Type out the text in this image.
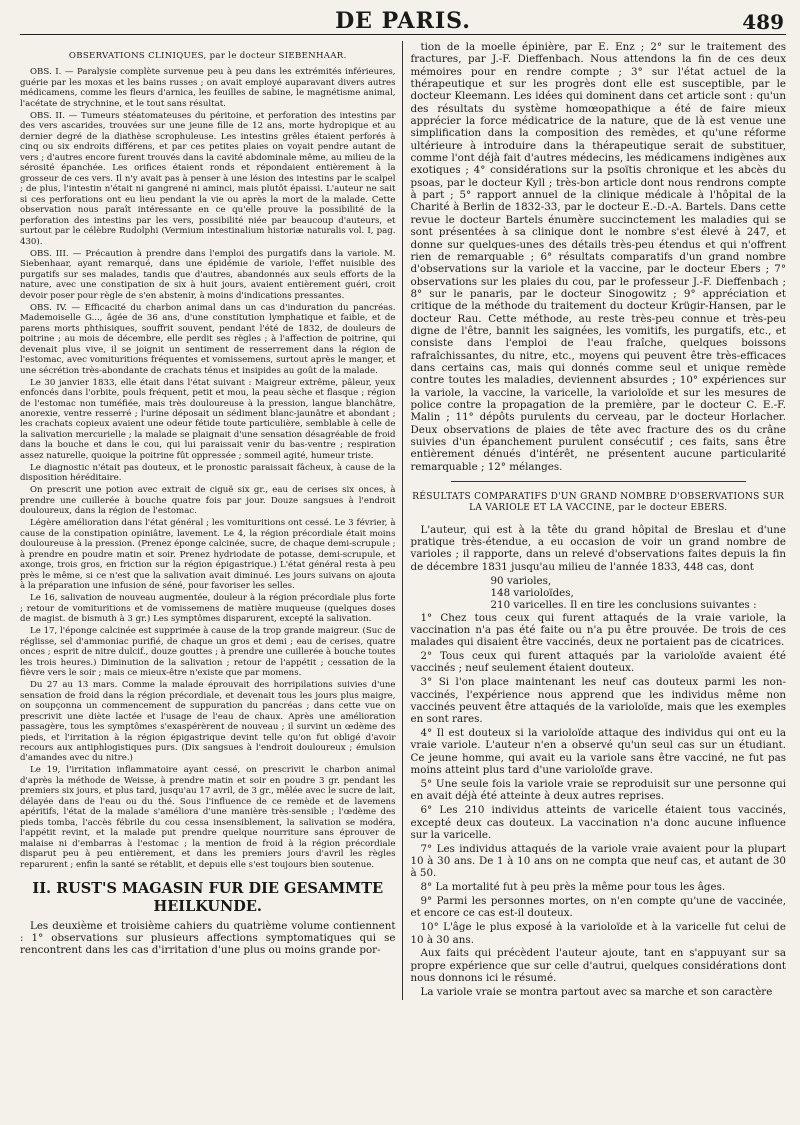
DE PARIS.	489
OBSERVATIONS CLINIQUES, par le docteur SIEBENHAAR.

OBS. I. — Paralysie complète survenue peu à peu dans les extrémités inférieures, guérie par les moxas et les bains russes ; on avait employé auparavant divers autres médicamens, comme les fleurs d'arnica, les feuilles de sabine, le magnétisme animal, l'acétate de strychnine, et le tout sans résultat.

OBS. II. — Tumeurs stéatomateuses du péritoine, et perforation des intestins par des vers ascarides, trouvées sur une jeune fille de 12 ans, morte hydropique et au dernier degré de la diathèse scrophuleuse. Les intestins grêles étaient perforés à cinq ou six endroits différens, et par ces petites plaies on voyait pendre autant de vers ; d'autres encore furent trouvés dans la cavité abdominale même, au milieu de la sérosité épanchée. Les orifices étaient ronds et répondaient entièrement à la grosseur de ces vers. Il n'y avait pas à penser à une lésion des intestins par le scalpel ; de plus, l'intestin n'était ni gangrené ni aminci, mais plutôt épaissi. L'auteur ne sait si ces perforations ont eu lieu pendant la vie ou après la mort de la malade. Cette observation nous paraît intéressante en ce qu'elle prouve la possibilité de la perforation des intestins par les vers, possibilité niée par beaucoup d'auteurs, et surtout par le célèbre Rudolphi (Vermium intestinalium historiæ naturalis vol. I, pag. 430).

OBS. III. — Précaution à prendre dans l'emploi des purgatifs dans la variole. M. Siebenhaar, ayant remarqué, dans une épidémie de variole, l'effet nuisible des purgatifs sur ses malades, tandis que d'autres, abandonnés aux seuls efforts de la nature, avec une constipation de six à huit jours, avaient entièrement guéri, croit devoir poser pour règle de s'en abstenir, à moins d'indications pressantes.

OBS. IV. — Efficacité du charbon animal dans un cas d'induration du pancréas. Mademoiselle G..., âgée de 36 ans, d'une constitution lymphatique et faible, et de parens morts phthisiques, souffrit souvent, pendant l'été de 1832, de douleurs de poitrine ; au mois de décembre, elle perdit ses règles ; à l'affection de poitrine, qui devenait plus vive, il se joignit un sentiment de resserrement dans la région de l'estomac, avec vomituritions fréquentes et vomissemens, surtout après le manger, et une sécrétion très-abondante de crachats ténus et insipides au goût de la malade.

Le 30 janvier 1833, elle était dans l'état suivant : Maigreur extrême, pâleur, yeux enfoncés dans l'orbite, pouls fréquent, petit et mou, la peau sèche et flasque ; région de l'estomac non tuméfiée, mais très douloureuse à la pression, langue blanchâtre, anorexie, ventre resserré ; l'urine déposait un sédiment blanc-jaunâtre et abondant ; les crachats copieux avaient une odeur fétide toute particulière, semblable à celle de la salivation mercurielle ; la malade se plaignait d'une sensation désagréable de froid dans la bouche et dans le cou, qui lui paraissait venir du bas-ventre ; respiration assez naturelle, quoique la poitrine fût oppressée ; sommeil agité, humeur triste.

Le diagnostic n'était pas douteux, et le pronostic paraissait fâcheux, à cause de la disposition héréditaire.

On prescrit une potion avec extrait de ciguë six gr., eau de cerises six onces, à prendre une cuillerée à bouche quatre fois par jour. Douze sangsues à l'endroit douloureux, dans la région de l'estomac.

Légère amélioration dans l'état général ; les vomituritions ont cessé. Le 3 février, à cause de la constipation opiniâtre, lavement. Le 4, la région précordiale était moins douloureuse à la pression. (Prenez éponge calcinée, sucre, de chaque demi-scrupule ; à prendre en poudre matin et soir. Prenez hydriodate de potasse, demi-scrupule, et axonge, trois gros, en friction sur la région épigastrique.) L'état général resta à peu près le même, si ce n'est que la salivation avait diminué. Les jours suivans on ajouta à la préparation une infusion de séné, pour favoriser les selles.

Le 16, salivation de nouveau augmentée, douleur à la région précordiale plus forte ; retour de vomituritions et de vomissemens de matière muqueuse (quelques doses de magist. de bismuth à 3 gr.) Les symptômes disparurent, excepté la salivation.

Le 17, l'éponge calcinée est supprimée à cause de la trop grande maigreur. (Suc de réglisse, sel d'ammoniac purifié, de chaque un gros et demi ; eau de cerises, quatre onces ; esprit de nitre dulcif., douze gouttes ; à prendre une cuillerée à bouche toutes les trois heures.) Diminution de la salivation ; retour de l'appétit ; cessation de la fièvre vers le soir ; mais ce mieux-être n'existe que par momens.

Du 27 au 13 mars. Comme la malade éprouvait des horripilations suivies d'une sensation de froid dans la région précordiale, et devenait tous les jours plus maigre, on soupçonna un commencement de suppuration du pancréas ; dans cette vue on prescrivit une diète lactée et l'usage de l'eau de chaux. Après une amélioration passagère, tous les symptômes s'exaspérèrent de nouveau ; il survint un œdème des pieds, et l'irritation à la région épigastrique devint telle qu'on fut obligé d'avoir recours aux antiphlogistiques purs. (Dix sangsues à l'endroit douloureux ; émulsion d'amandes avec du nitre.)

Le 19, l'irritation inflammatoire ayant cessé, on prescrivit le charbon animal d'après la méthode de Weisse, à prendre matin et soir en poudre 3 gr. pendant les premiers six jours, et plus tard, jusqu'au 17 avril, de 3 gr., mêlée avec le sucre de lait, délayée dans de l'eau ou du thé. Sous l'influence de ce remède et de lavemens apéritifs, l'état de la malade s'améliora d'une manière très-sensible ; l'œdème des pieds tomba, l'accès fébrile du cou cessa insensiblement, la salivation se modéra, l'appétit revint, et la malade put prendre quelque nourriture sans éprouver de malaise ni d'embarras à l'estomac ; la mention de froid à la région précordiale disparut peu à peu entièrement, et dans les premiers jours d'avril les règles reparurent ; enfin la santé se rétablit, et depuis elle s'est toujours bien soutenue.

II. RUST'S MAGASIN FUR DIE GESAMMTE HEILKUNDE.

Les deuxième et troisième cahiers du quatrième volume contiennent : 1° observations sur plusieurs affections symptomatiques qui se rencontrent dans les cas d'irritation d'une plus ou moins grande por-

tion de la moelle épinière, par E. Enz ; 2° sur le traitement des fractures, par J.-F. Dieffenbach. Nous attendons la fin de ces deux mémoires pour en rendre compte ; 3° sur l'état actuel de la thérapeutique et sur les progrès dont elle est susceptible, par le docteur Kleemann. Les idées qui dominent dans cet article sont : qu'un des résultats du système homœopathique a été de faire mieux apprécier la force médicatrice de la nature, que de là est venue une simplification dans la composition des remèdes, et qu'une réforme ultérieure à introduire dans la thérapeutique serait de substituer, comme l'ont déjà fait d'autres médecins, les médicamens indigènes aux exotiques ; 4° considérations sur la psoïtis chronique et les abcès du psoas, par le docteur Kyll ; très-bon article dont nous rendrons compte à part ; 5° rapport annuel de la clinique médicale à l'hôpital de la Charité à Berlin de 1832-33, par le docteur E.-D.-A. Bartels. Dans cette revue le docteur Bartels énumère succinctement les maladies qui se sont présentées à sa clinique dont le nombre s'est élevé à 247, et donne sur quelques-unes des détails très-peu étendus et qui n'offrent rien de remarquable ; 6° résultats comparatifs d'un grand nombre d'observations sur la variole et la vaccine, par le docteur Ebers ; 7° observations sur les plaies du cou, par le professeur J.-F. Dieffenbach ; 8° sur le panaris, par le docteur Sinogowitz ; 9° appréciation et critique de la méthode du traitement du docteur Krügir-Hansen, par le docteur Rau. Cette méthode, au reste très-peu connue et très-peu digne de l'être, bannit les saignées, les vomitifs, les purgatifs, etc., et consiste dans l'emploi de l'eau fraîche, quelques boissons rafraîchissantes, du nitre, etc., moyens qui peuvent être très-efficaces dans certains cas, mais qui donnés comme seul et unique remède contre toutes les maladies, deviennent absurdes ; 10° expériences sur la variole, la vaccine, la varicelle, la varioloïde et sur les mesures de police contre la propagation de la première, par le docteur C. E.-F. Malin ; 11° dépôts purulents du cerveau, par le docteur Horlacher. Deux observations de plaies de tête avec fracture des os du crâne suivies d'un épanchement purulent consécutif ; ces faits, sans être entièrement dénués d'intérêt, ne présentent aucune particularité remarquable ; 12° mélanges.

RÉSULTATS COMPARATIFS D'UN GRAND NOMBRE D'OBSERVATIONS SUR LA VARIOLE ET LA VACCINE, par le docteur EBERS.

L'auteur, qui est à la tête du grand hôpital de Breslau et d'une pratique très-étendue, a eu occasion de voir un grand nombre de varioles ; il rapporte, dans un relevé d'observations faites depuis la fin de décembre 1831 jusqu'au milieu de l'année 1833, 448 cas, dont

90 varioles,

148 varioloïdes,

210 varicelles. Il en tire les conclusions suivantes :

1° Chez tous ceux qui furent attaqués de la vraie variole, la vaccination n'a pas été faite ou n'a pu être prouvée. De trois de ces malades qui disaient être vaccinés, deux ne portaient pas de cicatrices.

2° Tous ceux qui furent attaqués par la varioloïde avaient été vaccinés ; neuf seulement étaient douteux.

3° Si l'on place maintenant les neuf cas douteux parmi les non-vaccinés, l'expérience nous apprend que les individus même non vaccinés peuvent être attaqués de la varioloïde, mais que les exemples en sont rares.

4° Il est douteux si la varioloïde attaque des individus qui ont eu la vraie variole. L'auteur n'en a observé qu'un seul cas sur un étudiant. Ce jeune homme, qui avait eu la variole sans être vacciné, ne fut pas moins atteint plus tard d'une varioloïde grave.

5° Une seule fois la variole vraie se reproduisit sur une personne qui en avait déjà été atteinte à deux autres reprises.

6° Les 210 individus atteints de varicelle étaient tous vaccinés, excepté deux cas douteux. La vaccination n'a donc aucune influence sur la varicelle.

7° Les individus attaqués de la variole vraie avaient pour la plupart 10 à 30 ans. De 1 à 10 ans on ne compta que neuf cas, et autant de 30 à 50.

8° La mortalité fut à peu près la même pour tous les âges.

9° Parmi les personnes mortes, on n'en compte qu'une de vaccinée, et encore ce cas est-il douteux.

10° L'âge le plus exposé à la varioloïde et à la varicelle fut celui de 10 à 30 ans.

Aux faits qui précèdent l'auteur ajoute, tant en s'appuyant sur sa propre expérience que sur celle d'autrui, quelques considérations dont nous donnons ici le résumé.

La variole vraie se montra partout avec sa marche et son caractère
